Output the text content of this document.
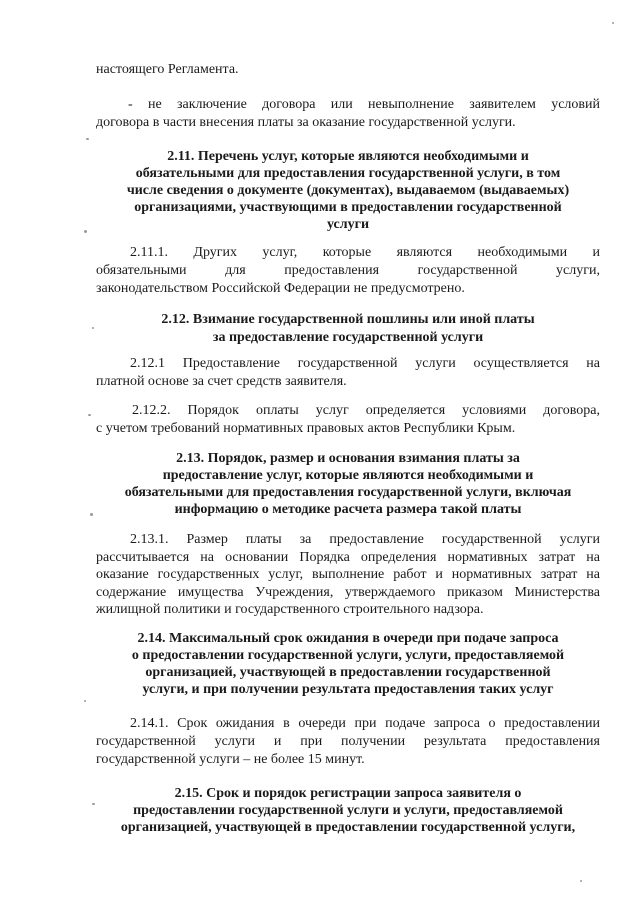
настоящего Регламента.
- не заключение договора или невыполнение заявителем условий
договора в части внесения платы за оказание государственной услуги.
2.11. Перечень услуг, которые являются необходимыми и
обязательными для предоставления государственной услуги, в том
числе сведения о документе (документах), выдаваемом (выдаваемых)
организациями, участвующими в предоставлении государственной
услуги
2.11.1. Других услуг, которые являются необходимыми и
обязательными для предоставления государственной услуги,
законодательством Российской Федерации не предусмотрено.
2.12. Взимание государственной пошлины или иной платы
за предоставление государственной услуги
2.12.1 Предоставление государственной услуги осуществляется на
платной основе за счет средств заявителя.
2.12.2. Порядок оплаты услуг определяется условиями договора,
с учетом требований нормативных правовых актов Республики Крым.
2.13. Порядок, размер и основания взимания платы за
предоставление услуг, которые являются необходимыми и
обязательными для предоставления государственной услуги, включая
информацию о методике расчета размера такой платы
2.13.1. Размер платы за предоставление государственной услуги
рассчитывается на основании Порядка определения нормативных затрат на
оказание государственных услуг, выполнение работ и нормативных затрат на
содержание имущества Учреждения, утверждаемого приказом Министерства
жилищной политики и государственного строительного надзора.
2.14. Максимальный срок ожидания в очереди при подаче запроса
о предоставлении государственной услуги, услуги, предоставляемой
организацией, участвующей в предоставлении государственной
услуги, и при получении результата предоставления таких услуг
2.14.1. Срок ожидания в очереди при подаче запроса о предоставлении
государственной услуги и при получении результата предоставления
государственной услуги – не более 15 минут.
2.15. Срок и порядок регистрации запроса заявителя о
предоставлении государственной услуги и услуги, предоставляемой
организацией, участвующей в предоставлении государственной услуги,
